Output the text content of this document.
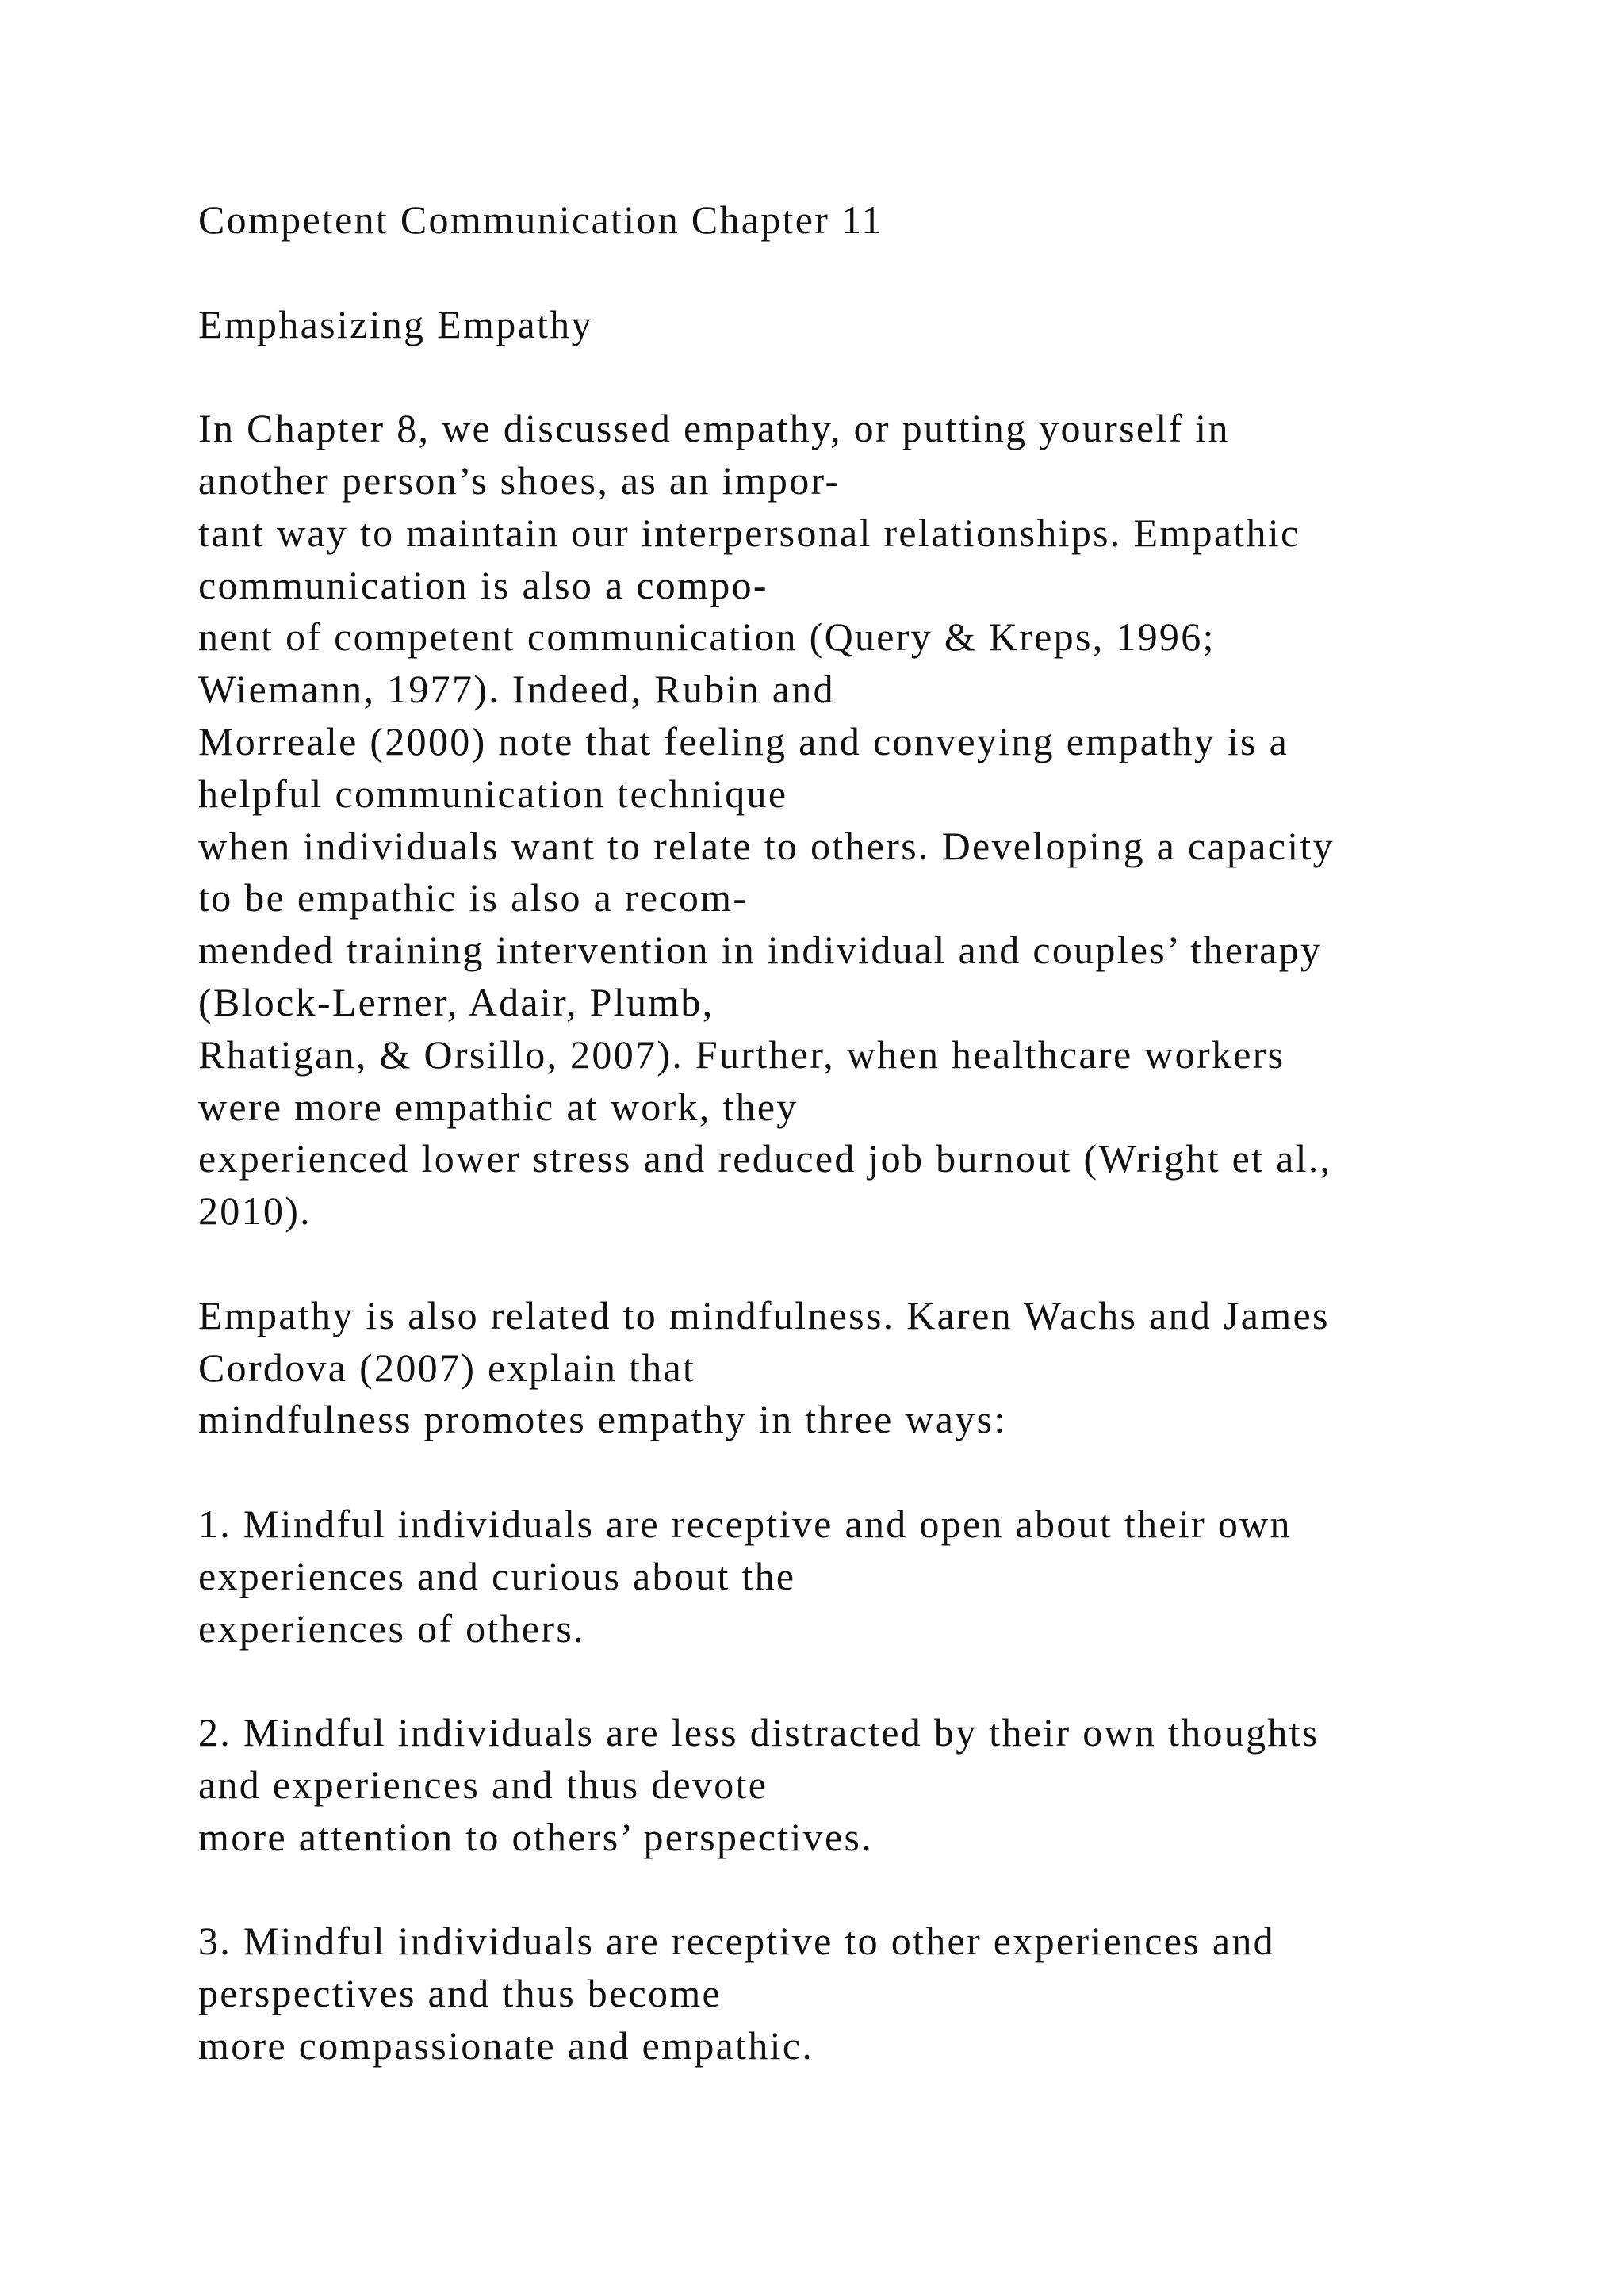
Competent Communication Chapter 11
Emphasizing Empathy
In Chapter 8, we discussed empathy, or putting yourself in
another person’s shoes, as an impor-
tant way to maintain our interpersonal relationships. Empathic
communication is also a compo-
nent of competent communication (Query & Kreps, 1996;
Wiemann, 1977). Indeed, Rubin and
Morreale (2000) note that feeling and conveying empathy is a
helpful communication technique
when individuals want to relate to others. Developing a capacity
to be empathic is also a recom-
mended training intervention in individual and couples’ therapy
(Block-Lerner, Adair, Plumb,
Rhatigan, & Orsillo, 2007). Further, when healthcare workers
were more empathic at work, they
experienced lower stress and reduced job burnout (Wright et al.,
2010).
Empathy is also related to mindfulness. Karen Wachs and James
Cordova (2007) explain that
mindfulness promotes empathy in three ways:
1. Mindful individuals are receptive and open about their own
experiences and curious about the
experiences of others.
2. Mindful individuals are less distracted by their own thoughts
and experiences and thus devote
more attention to others’ perspectives.
3. Mindful individuals are receptive to other experiences and
perspectives and thus become
more compassionate and empathic.
